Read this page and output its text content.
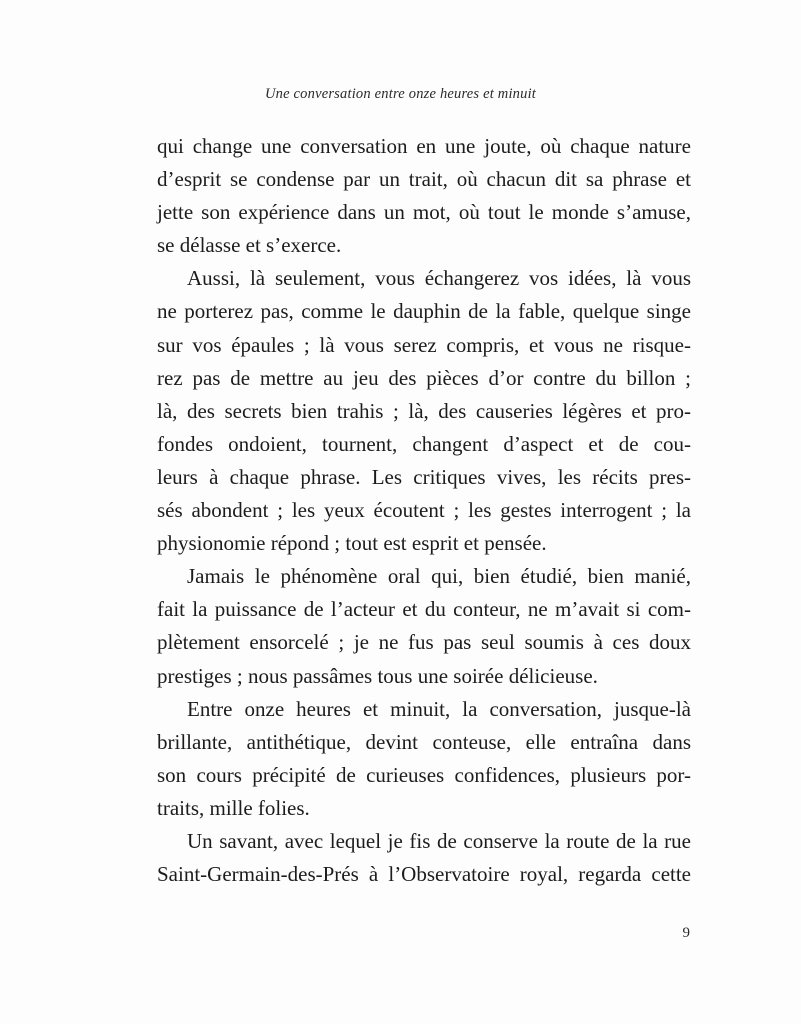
Une conversation entre onze heures et minuit
qui change une conversation en une joute, où chaque nature
d’esprit se condense par un trait, où chacun dit sa phrase et
jette son expérience dans un mot, où tout le monde s’amuse,
se délasse et s’exerce.
Aussi, là seulement, vous échangerez vos idées, là vous
ne porterez pas, comme le dauphin de la fable, quelque singe
sur vos épaules ; là vous serez compris, et vous ne risque-
rez pas de mettre au jeu des pièces d’or contre du billon ;
là, des secrets bien trahis ; là, des causeries légères et pro-
fondes ondoient, tournent, changent d’aspect et de cou-
leurs à chaque phrase. Les critiques vives, les récits pres-
sés abondent ; les yeux écoutent ; les gestes interrogent ; la
physionomie répond ; tout est esprit et pensée.
Jamais le phénomène oral qui, bien étudié, bien manié,
fait la puissance de l’acteur et du conteur, ne m’avait si com-
plètement ensorcelé ; je ne fus pas seul soumis à ces doux
prestiges ; nous passâmes tous une soirée délicieuse.
Entre onze heures et minuit, la conversation, jusque-là
brillante, antithétique, devint conteuse, elle entraîna dans
son cours précipité de curieuses confidences, plusieurs por-
traits, mille folies.
Un savant, avec lequel je fis de conserve la route de la rue
Saint-Germain-des-Prés à l’Observatoire royal, regarda cette
9
